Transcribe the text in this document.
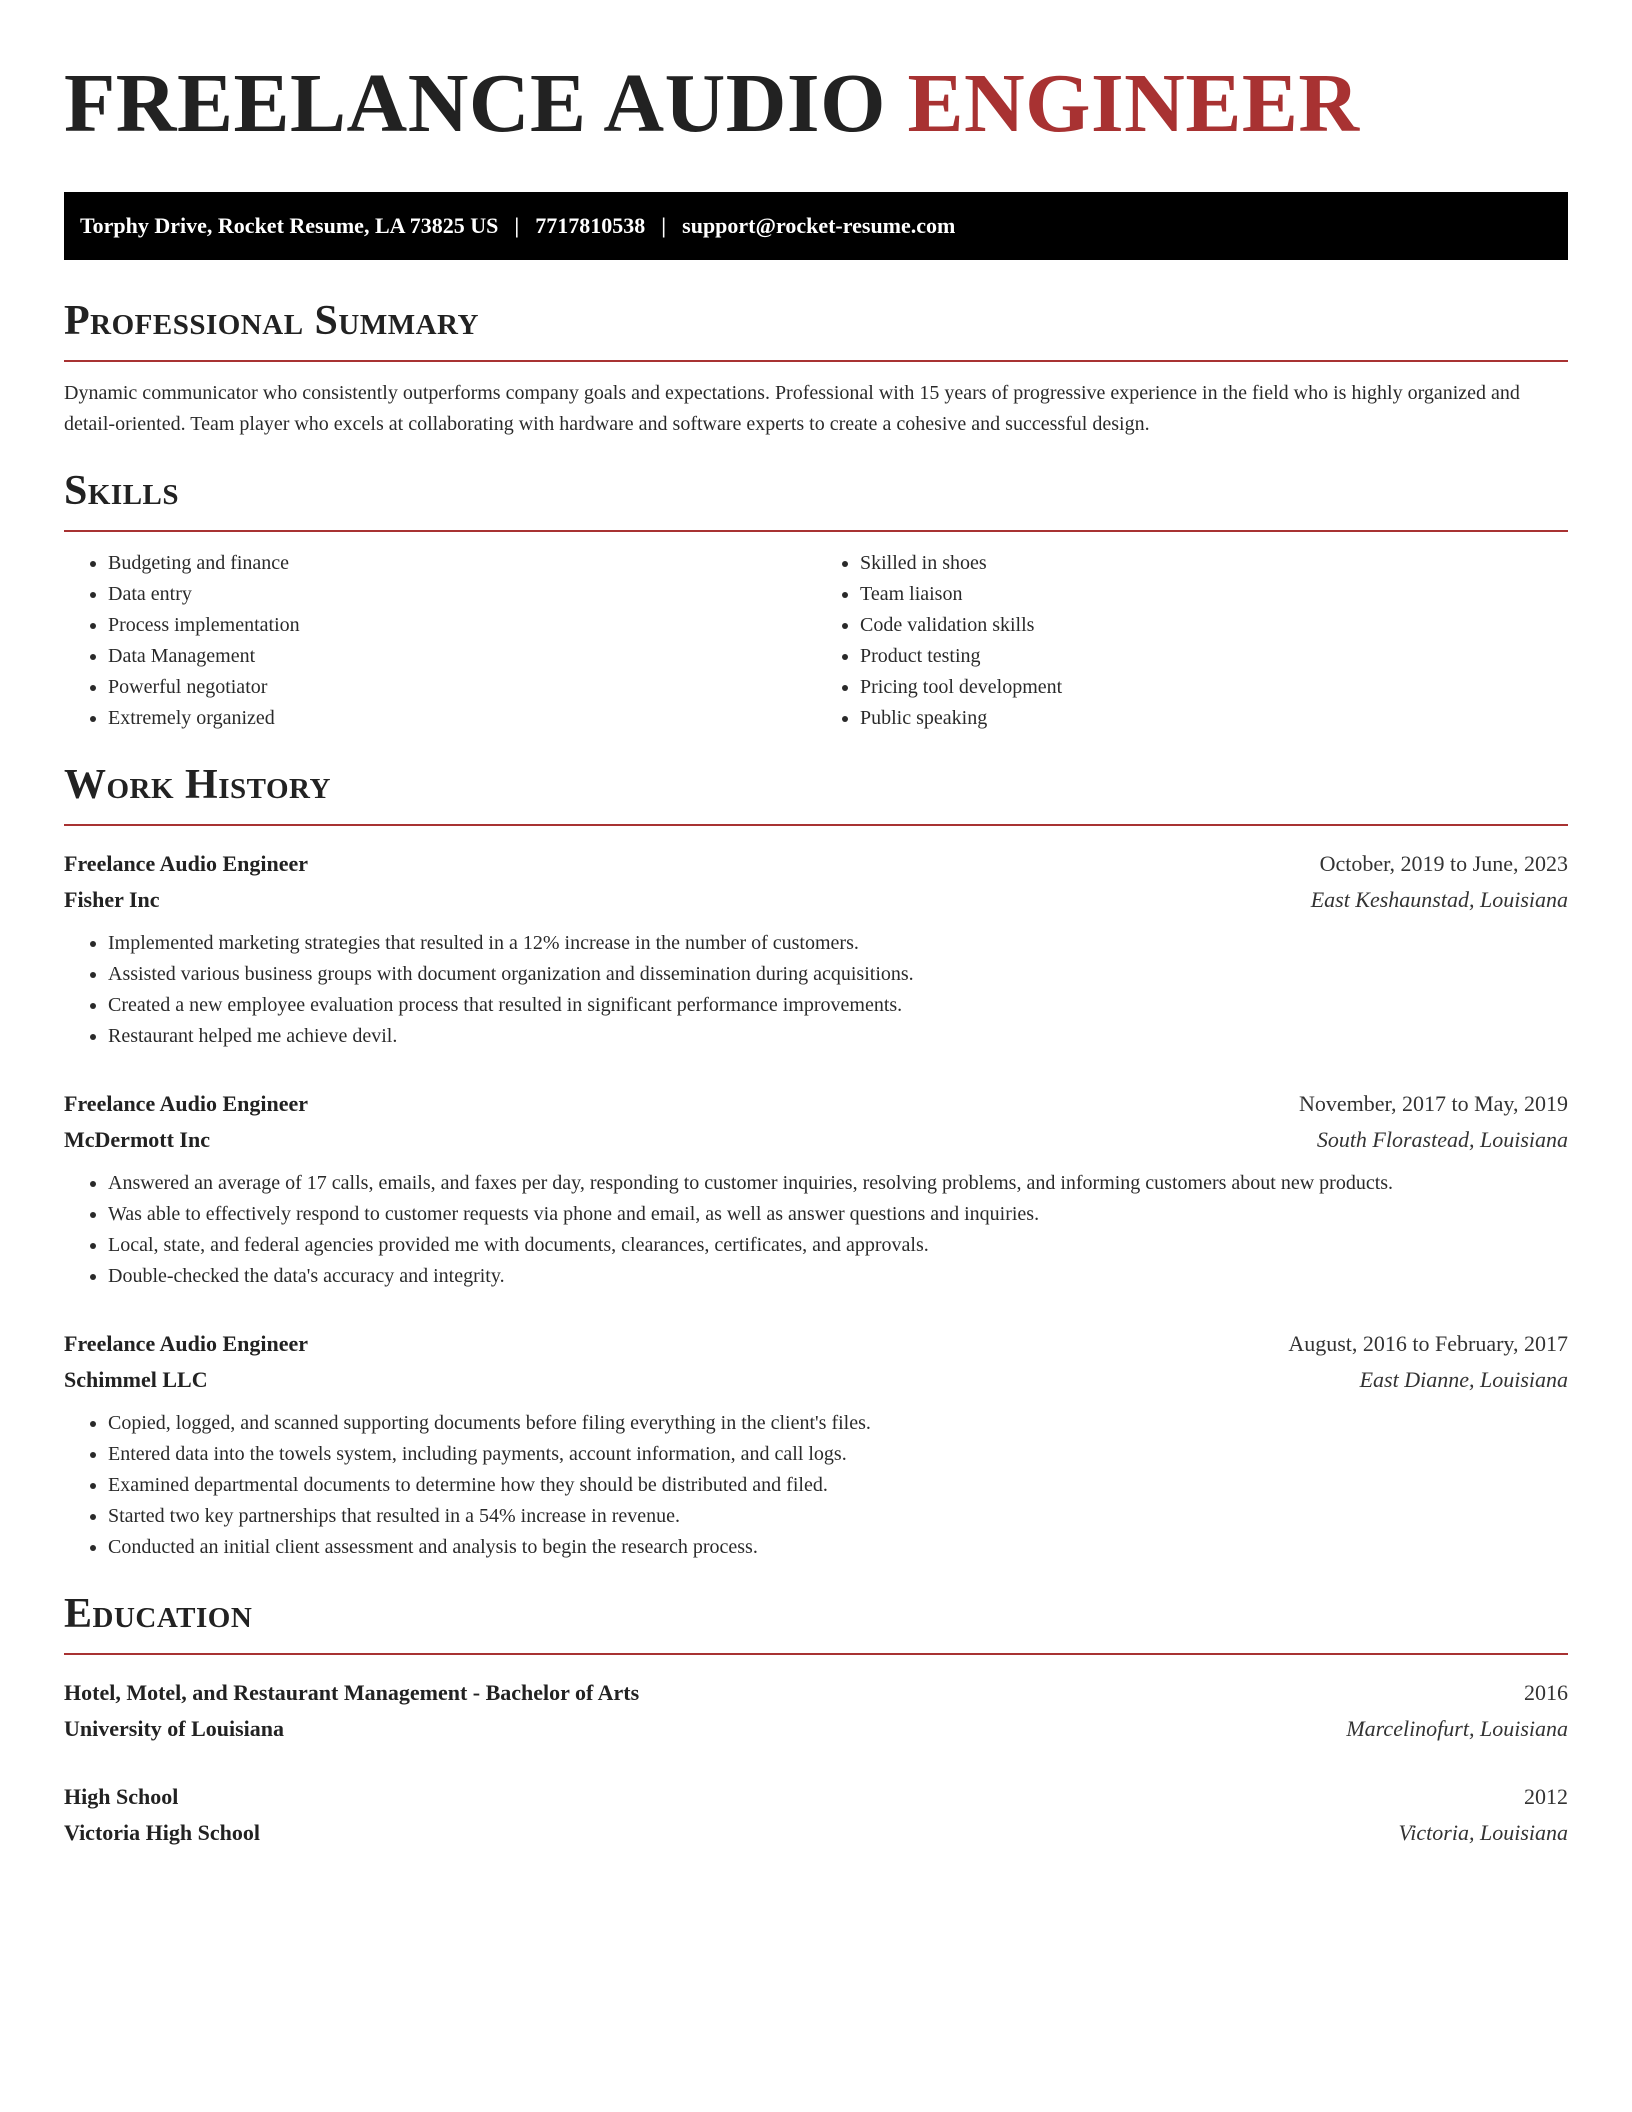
FREELANCE AUDIO ENGINEER
Torphy Drive, Rocket Resume, LA 73825 US | 7717810538 | support@rocket-resume.com
Professional Summary

Dynamic communicator who consistently outperforms company goals and expectations. Professional with 15 years of progressive experience in the field who is highly organized and detail-oriented. Team player who excels at collaborating with hardware and software experts to create a cohesive and successful design.

Skills
• Budgeting and finance
• Data entry
• Process implementation
• Data Management
• Powerful negotiator
• Extremely organized
• Skilled in shoes
• Team liaison
• Code validation skills
• Product testing
• Pricing tool development
• Public speaking
Work History
Freelance Audio Engineer	October, 2019 to June, 2023
Fisher Inc	East Keshaunstad, Louisiana
• Implemented marketing strategies that resulted in a 12% increase in the number of customers.
• Assisted various business groups with document organization and dissemination during acquisitions.
• Created a new employee evaluation process that resulted in significant performance improvements.
• Restaurant helped me achieve devil.
Freelance Audio Engineer	November, 2017 to May, 2019
McDermott Inc	South Florastead, Louisiana
• Answered an average of 17 calls, emails, and faxes per day, responding to customer inquiries, resolving problems, and informing customers about new products.
• Was able to effectively respond to customer requests via phone and email, as well as answer questions and inquiries.
• Local, state, and federal agencies provided me with documents, clearances, certificates, and approvals.
• Double-checked the data's accuracy and integrity.
Freelance Audio Engineer	August, 2016 to February, 2017
Schimmel LLC	East Dianne, Louisiana
• Copied, logged, and scanned supporting documents before filing everything in the client's files.
• Entered data into the towels system, including payments, account information, and call logs.
• Examined departmental documents to determine how they should be distributed and filed.
• Started two key partnerships that resulted in a 54% increase in revenue.
• Conducted an initial client assessment and analysis to begin the research process.
Education
Hotel, Motel, and Restaurant Management - Bachelor of Arts	2016
University of Louisiana	Marcelinofurt, Louisiana
High School	2012
Victoria High School	Victoria, Louisiana
